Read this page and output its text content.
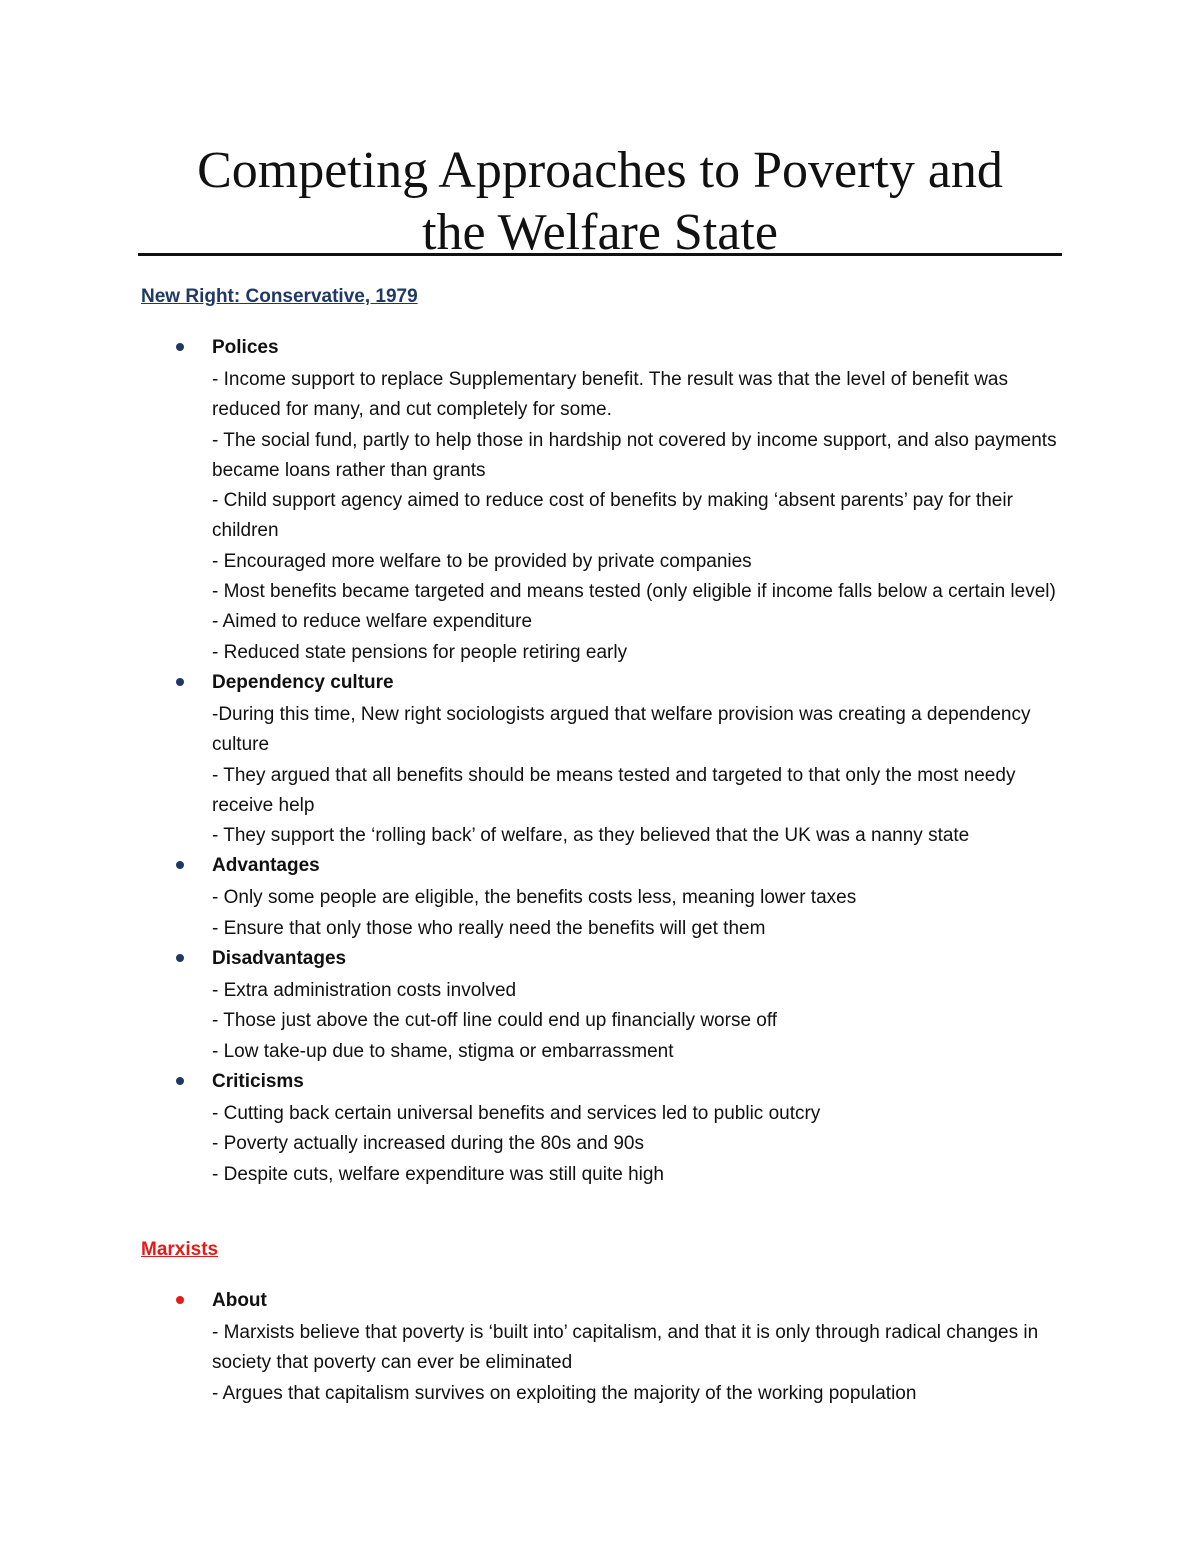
Competing Approaches to Poverty and
the Welfare State
New Right: Conservative, 1979
Polices

- Income support to replace Supplementary benefit. The result was that the level of benefit was reduced for many, and cut completely for some.

- The social fund, partly to help those in hardship not covered by income support, and also payments became loans rather than grants

- Child support agency aimed to reduce cost of benefits by making ‘absent parents’ pay for their children

- Encouraged more welfare to be provided by private companies

- Most benefits became targeted and means tested (only eligible if income falls below a certain level)

- Aimed to reduce welfare expenditure

- Reduced state pensions for people retiring early

Dependency culture

-During this time, New right sociologists argued that welfare provision was creating a dependency culture

- They argued that all benefits should be means tested and targeted to that only the most needy receive help

- They support the ‘rolling back’ of welfare, as they believed that the UK was a nanny state

Advantages

- Only some people are eligible, the benefits costs less, meaning lower taxes

- Ensure that only those who really need the benefits will get them

Disadvantages

- Extra administration costs involved

- Those just above the cut-off line could end up financially worse off

- Low take-up due to shame, stigma or embarrassment

Criticisms

- Cutting back certain universal benefits and services led to public outcry

- Poverty actually increased during the 80s and 90s

- Despite cuts, welfare expenditure was still quite high

Marxists
About

- Marxists believe that poverty is ‘built into’ capitalism, and that it is only through radical changes in society that poverty can ever be eliminated

- Argues that capitalism survives on exploiting the majority of the working population
